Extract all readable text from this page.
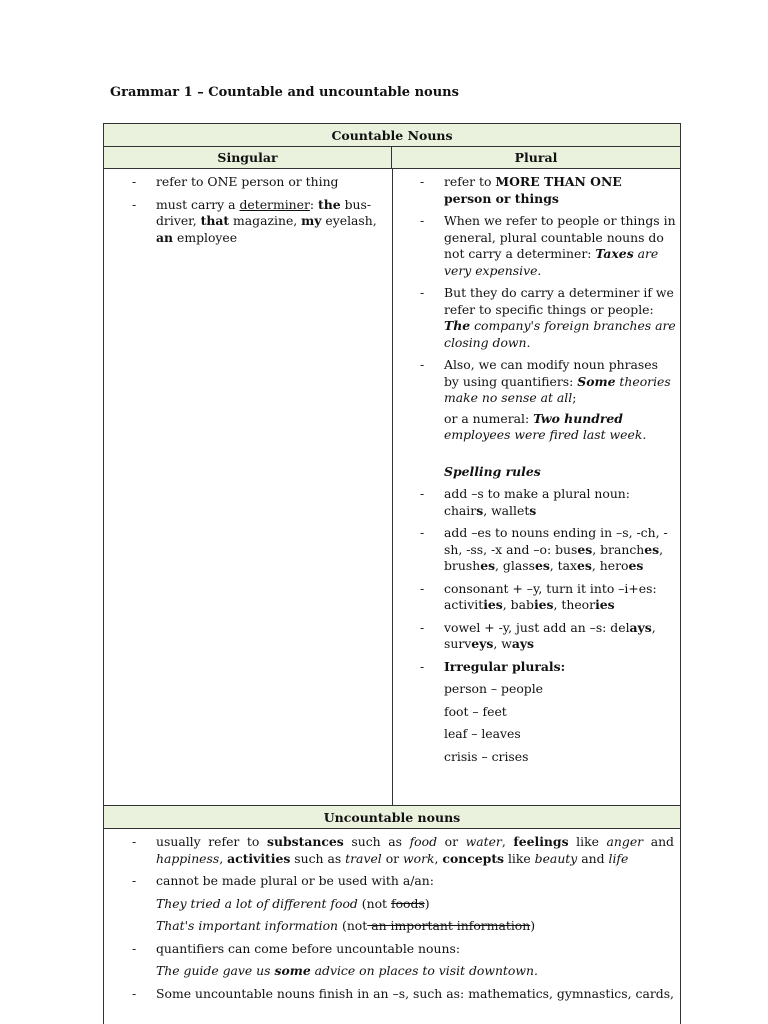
Grammar 1 – Countable and uncountable nouns
Countable Nouns
Singular	Plural
- refer to ONE person or thing
- must carry a determiner: the bus-driver, that magazine, my eyelash, an employee
- refer to MORE THAN ONE
person or things
- When we refer to people or things in general, plural countable nouns do not carry a determiner: Taxes are very expensive.
- But they do carry a determiner if we refer to specific things or people: The company's foreign branches are closing down.
- Also, we can modify noun phrases by using quantifiers: Some theories make no sense at all;
or a numeral: Two hundred employees were fired last week.
Spelling rules
- add –s to make a plural noun: chairs, wallets
- add –es to nouns ending in –s, -ch, -sh, -ss, -x and –o: buses, branches, brushes, glasses, taxes, heroes
- consonant + –y, turn it into –i+es: activities, babies, theories
- vowel + -y, just add an –s: delays, surveys, ways
- Irregular plurals:
person – people
foot – feet
leaf – leaves
crisis – crises
Uncountable nouns
- usually refer to substances such as food or water, feelings like anger and
happiness, activities such as travel or work, concepts like beauty and life
- cannot be made plural or be used with a/an:
They tried a lot of different food (not foods)
That's important information (not an important information)
- quantifiers can come before uncountable nouns:
The guide gave us some advice on places to visit downtown.
- Some uncountable nouns finish in an –s, such as: mathematics, gymnastics, cards,
